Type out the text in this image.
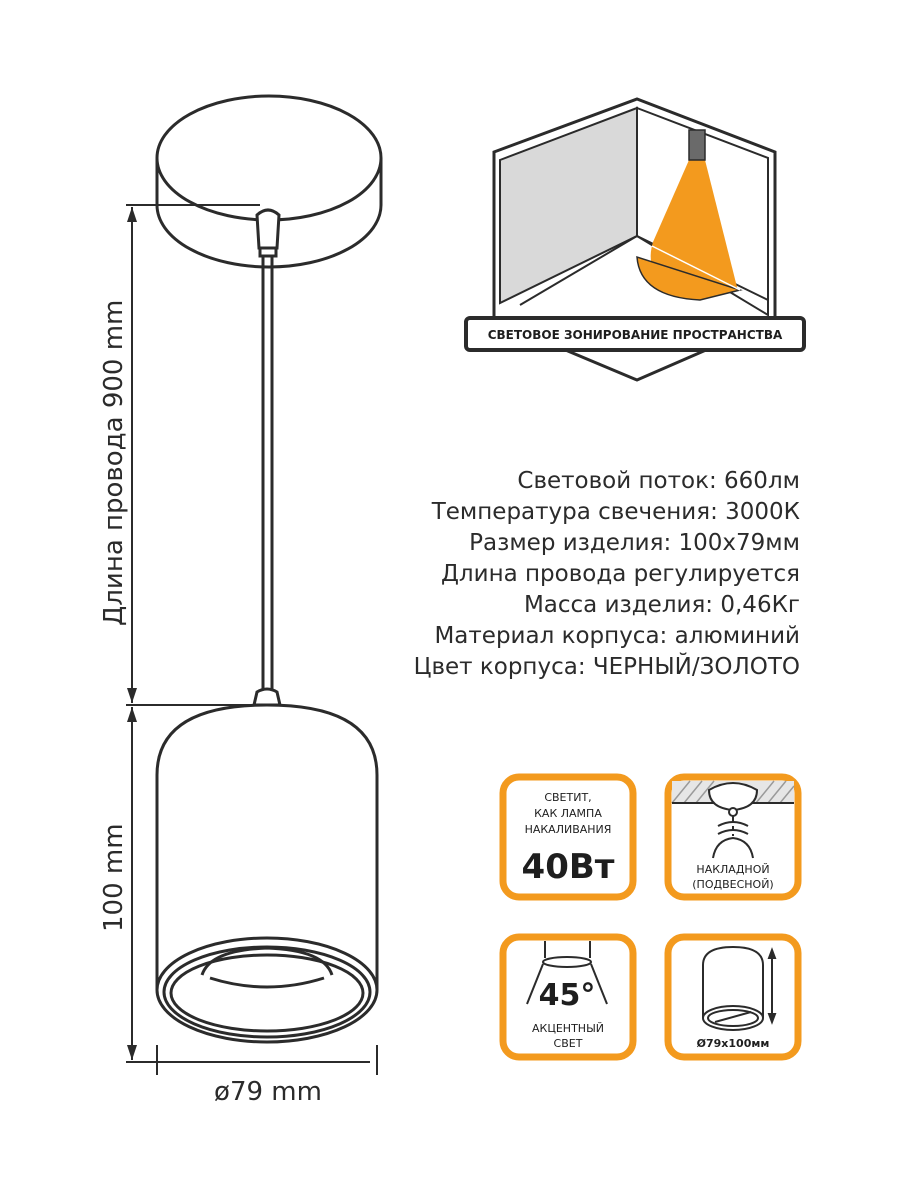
Длина провода 900 mm
100 mm
ø79 mm
СВЕТОВОЕ ЗОНИРОВАНИЕ ПРОСТРАНСТВА
СВЕТИТ,
КАК ЛАМПА
НАКАЛИВАНИЯ
40Вт	НАКЛАДНОЙ
(ПОДВЕСНОЙ)
45°
АКЦЕНТНЫЙ
СВЕТ	Ø79x100мм
Световой поток: 660лм
Температура свечения: 3000К
Размер изделия: 100х79мм
Длина провода регулируется
Масса изделия: 0,46Кг
Материал корпуса: алюминий
Цвет корпуса: ЧЕРНЫЙ/ЗОЛОТО
